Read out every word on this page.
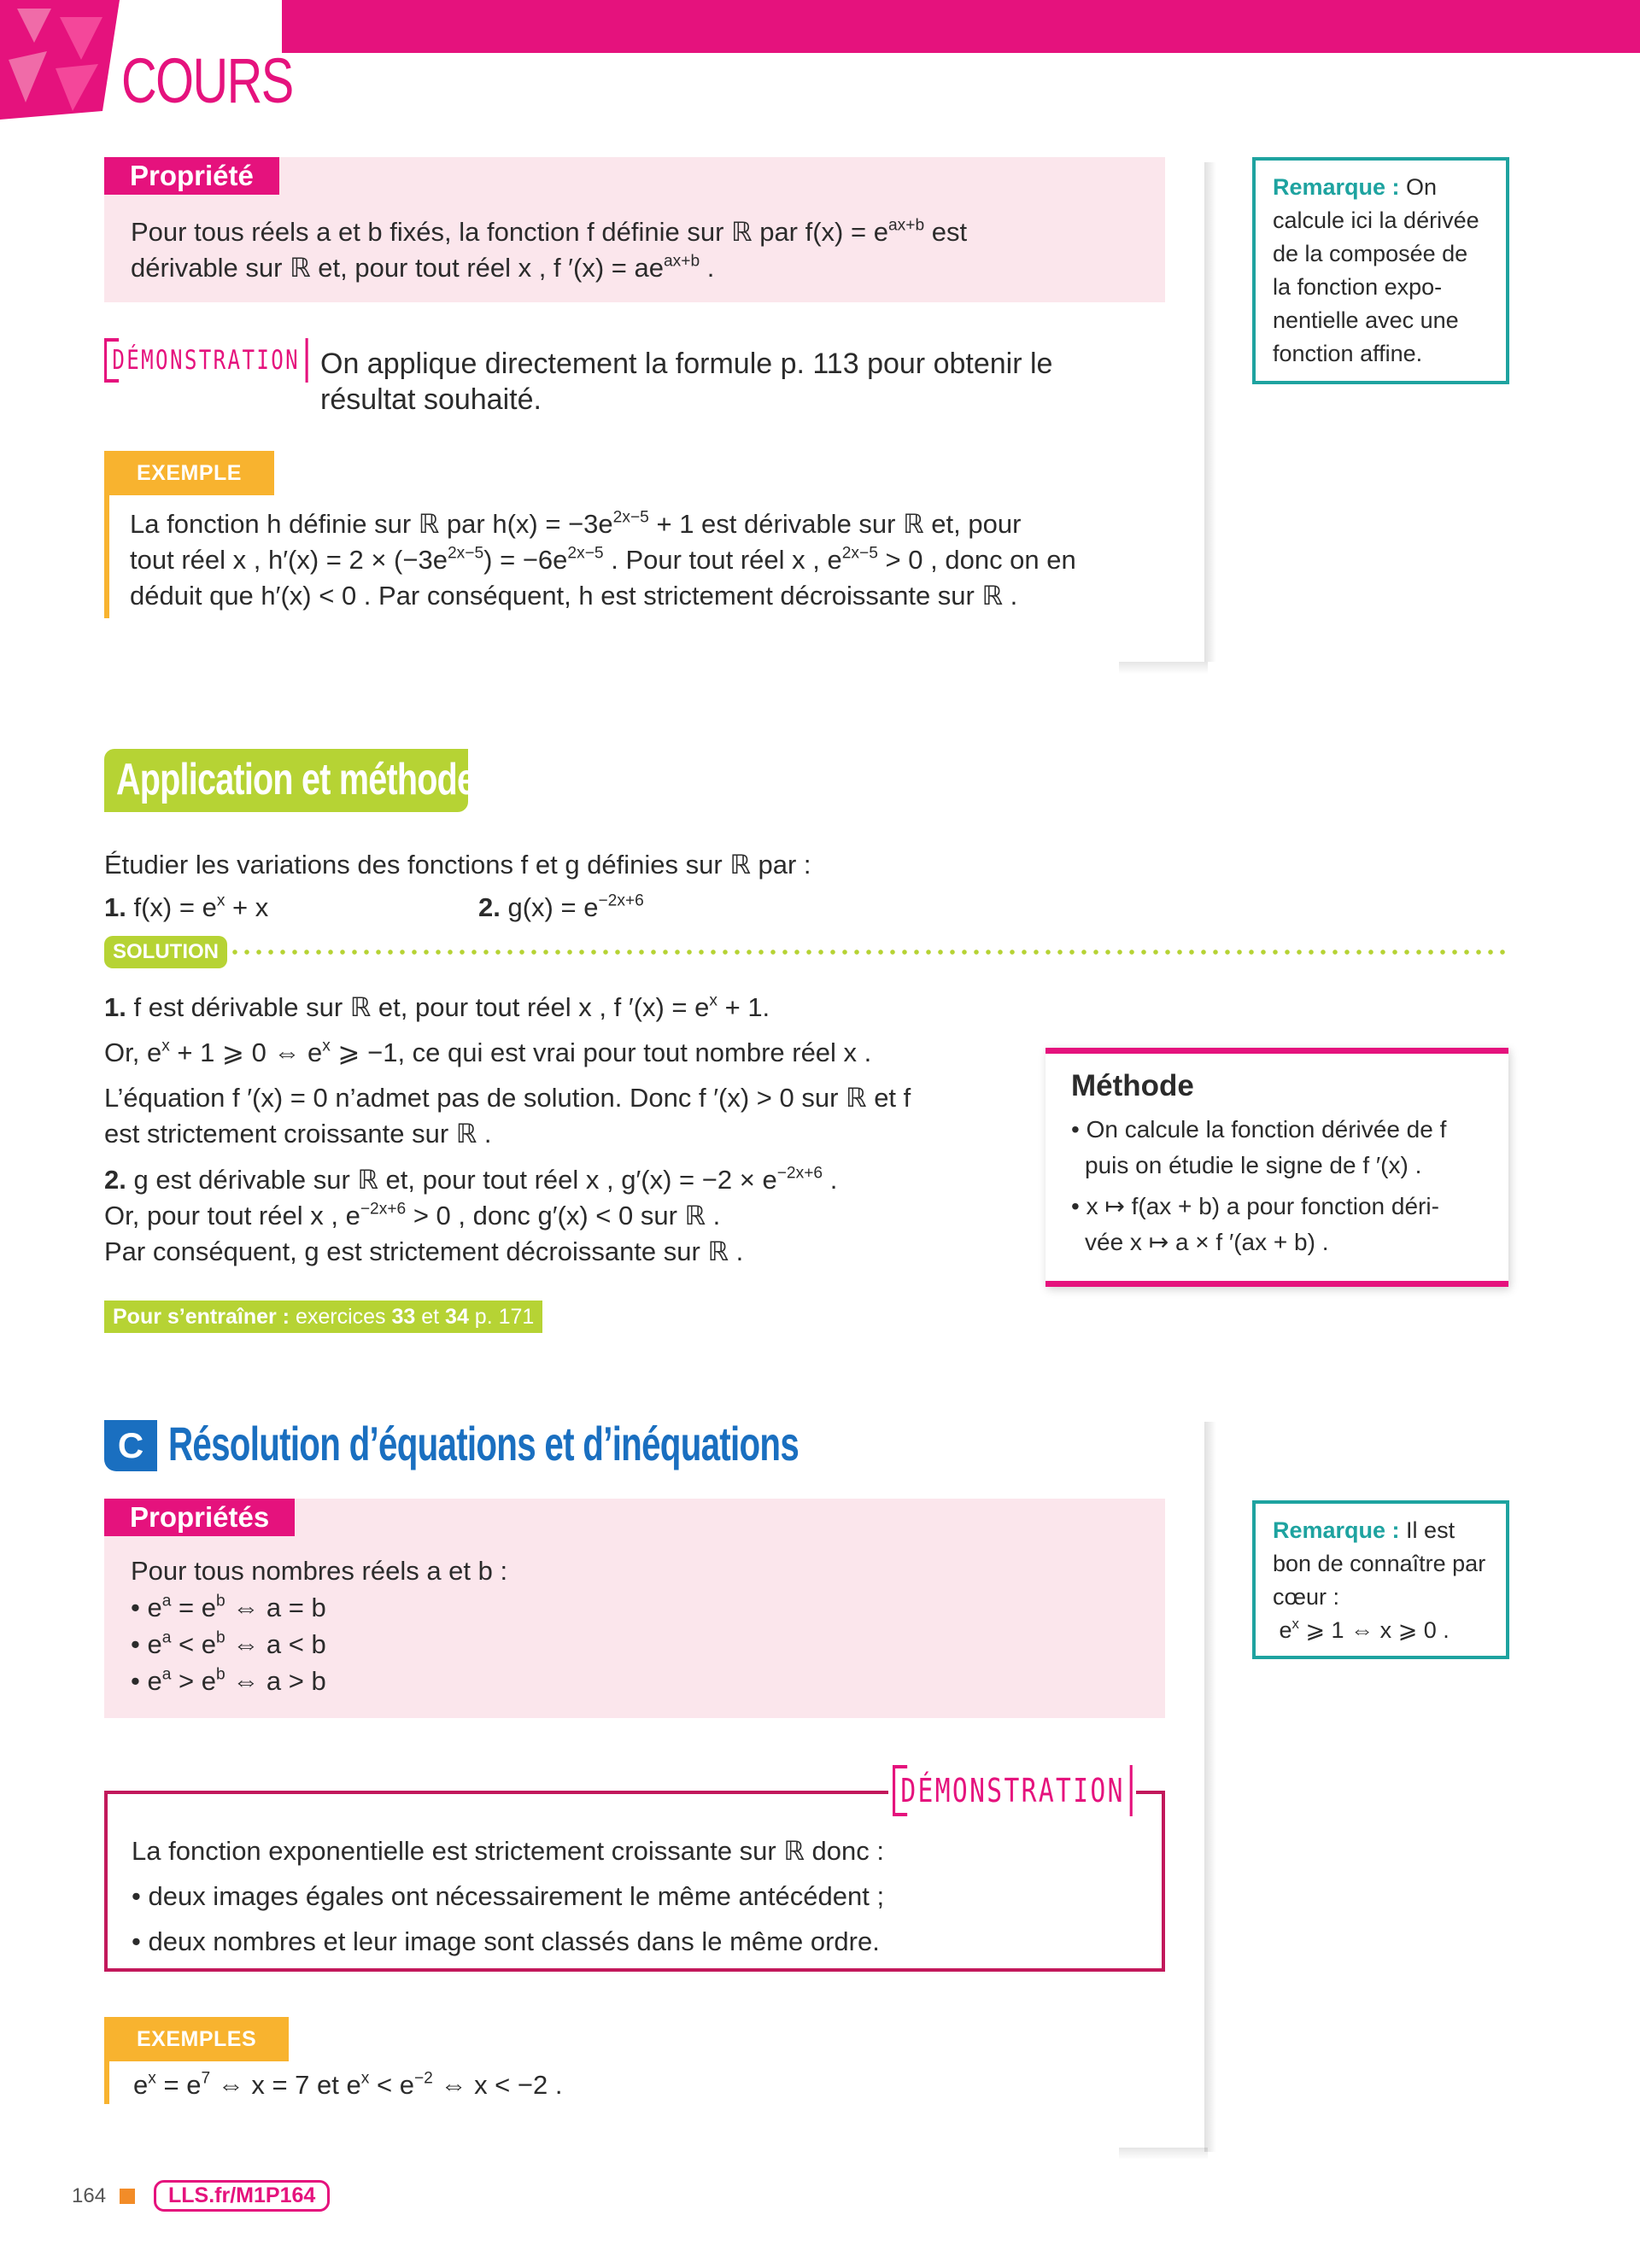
COURS
Propriété
Pour tous réels a et b fixés, la fonction f définie sur ℝ par $f(x) = e^{ax+b}$ est
dérivable sur ℝ et, pour tout réel x , f $'(x) = ae^{ax+b}$ .
Remarque : On calcule ici la dérivée de la composée de la fonction expo-nentielle avec une fonction affine.
DÉMONSTRATION On applique directement la formule p. 113 pour obtenir le
résultat souhaité.
EXEMPLE
La fonction h définie sur ℝ par $h(x) = -3e^{2x-5} + 1$ est dérivable sur ℝ et, pour
tout réel x , $h'(x) = 2 \times (-3e^{2x-5}) = -6e^{2x-5}$ . Pour tout réel x , $e^{2x-5} > 0$ , donc on en
déduit que h′(x) < 0 . Par conséquent, h est strictement décroissante sur ℝ .
Application et méthode
Étudier les variations des fonctions f et g définies sur ℝ par :
1. $f(x) = e^x + x$	2. $g(x) = e^{-2x+6}$
SOLUTION
1. f est dérivable sur ℝ et, pour tout réel x , f $'(x) = e^x + 1$.
Or, $e^x + 1$ ⩾ 0 ⇔ $e^x$ ⩾ −1, ce qui est vrai pour tout nombre réel x .
L’équation f ′(x) = 0 n’admet pas de solution. Donc f ′(x) > 0 sur ℝ et f
est strictement croissante sur ℝ .
2. g est dérivable sur ℝ et, pour tout réel x , $g'(x) = -2 \times e^{-2x+6}$ .
Or, pour tout réel x , $e^{-2x+6} > 0$ , donc g′(x) < 0 sur ℝ .
Par conséquent, g est strictement décroissante sur ℝ .
Pour s’entraîner : exercices 33 et 34 p. 171
Méthode

• On calcule la fonction dérivée de f

puis on étudie le signe de f ′(x) .

• x ↦ f(ax + b) a pour fonction déri-

vée x ↦ a × f ′(ax + b) .

C Résolution d’équations et d’inéquations
Propriétés
Pour tous nombres réels a et b :
• $e^a = e^b$ ⇔ a = b
• $e^a < e^b$ ⇔ a < b
• $e^a > e^b$ ⇔ a > b
Remarque : Il est bon de connaître par cœur :
$e^x$ ⩾ 1 ⇔ x ⩾ 0 .

La fonction exponentielle est strictement croissante sur ℝ donc :

• deux images égales ont nécessairement le même antécédent ;

• deux nombres et leur image sont classés dans le même ordre.

DÉMONSTRATION
EXEMPLES
$e^x = e^7$ ⇔ x = 7 et $e^x < e^{-2}$ ⇔ x < −2 .
164	LLS.fr/M1P164
